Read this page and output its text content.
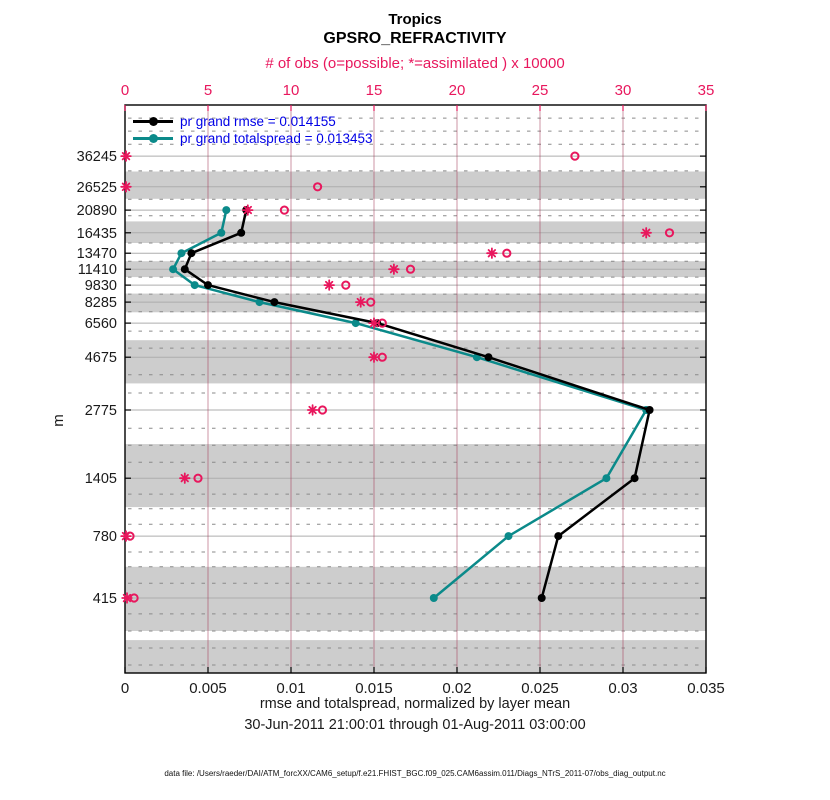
Tropics
GPSRO_REFRACTIVITY
# of obs (o=possible; *=assimilated ) x 10000
36245
26525
20890
16435
13470
11410
9830
8285
6560
4675
2775
1405
780
415
0	0.005	0.01	0.015	0.02	0.025	0.03	0.035
0	5	10	15	20	25	30	35
pr grand rmse = 0.014155
pr grand totalspread = 0.013453
m
rmse and totalspread, normalized by layer mean
30-Jun-2011 21:00:01 through 01-Aug-2011 03:00:00
data file: /Users/raeder/DAI/ATM_forcXX/CAM6_setup/f.e21.FHIST_BGC.f09_025.CAM6assim.011/Diags_NTrS_2011-07/obs_diag_output.nc
